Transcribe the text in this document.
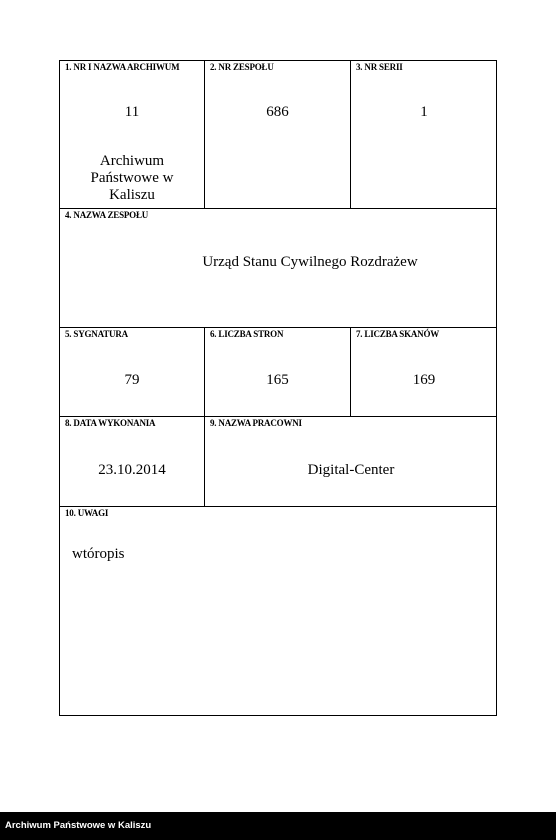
1. NR I NAZWA ARCHIWUM
11
Archiwum
Państwowe w
Kaliszu
2. NR ZESPOŁU
686
3. NR SERII
1
4. NAZWA ZESPOŁU
Urząd Stanu Cywilnego Rozdrażew
5. SYGNATURA
79
6. LICZBA STRON
165
7. LICZBA SKANÓW
169
8. DATA WYKONANIA
23.10.2014
9. NAZWA PRACOWNI
Digital-Center
10. UWAGI
wtóropis
Archiwum Państwowe w Kaliszu
